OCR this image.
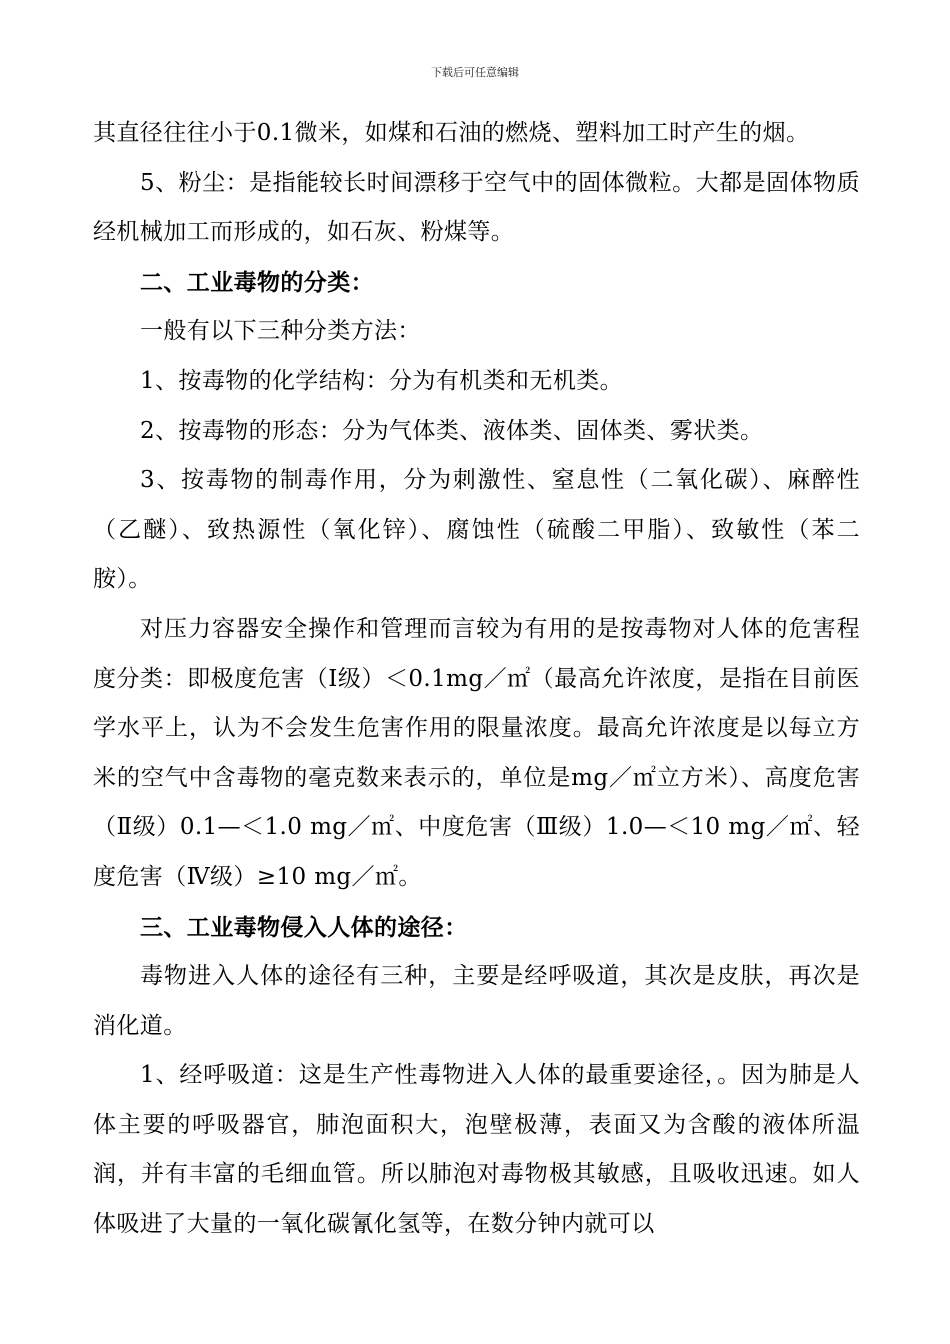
下载后可任意编辑

其直径往往小于0.1微米，如煤和石油的燃烧、塑料加工时产生的烟。

5、粉尘：是指能较长时间漂移于空气中的固体微粒。大都是固体物质经机械加工而形成的，如石灰、粉煤等。

二、工业毒物的分类：

一般有以下三种分类方法：

1、按毒物的化学结构：分为有机类和无机类。

2、按毒物的形态：分为气体类、液体类、固体类、雾状类。

3、按毒物的制毒作用，分为刺激性、窒息性（二氧化碳）、麻醉性（乙醚）、致热源性（氧化锌）、腐蚀性（硫酸二甲脂）、致敏性（苯二胺）。

对压力容器安全操作和管理而言较为有用的是按毒物对人体的危害程度分类：即极度危害（Ⅰ级）＜0.1mg／㎡（最高允许浓度，是指在目前医学水平上，认为不会发生危害作用的限量浓度。最高允许浓度是以每立方米的空气中含毒物的毫克数来表示的，单位是mg／㎡立方米）、高度危害（Ⅱ级）0.1—＜1.0 mg／㎡、中度危害（Ⅲ级）1.0—＜10 mg／㎡、轻度危害（Ⅳ级）≥10 mg／㎡。

三、工业毒物侵入人体的途径：

毒物进入人体的途径有三种，主要是经呼吸道，其次是皮肤，再次是消化道。

1、经呼吸道：这是生产性毒物进入人体的最重要途径，。因为肺是人体主要的呼吸器官，肺泡面积大，泡壁极薄，表面又为含酸的液体所温润，并有丰富的毛细血管。所以肺泡对毒物极其敏感，且吸收迅速。如人体吸进了大量的一氧化碳氰化氢等，在数分钟内就可以
